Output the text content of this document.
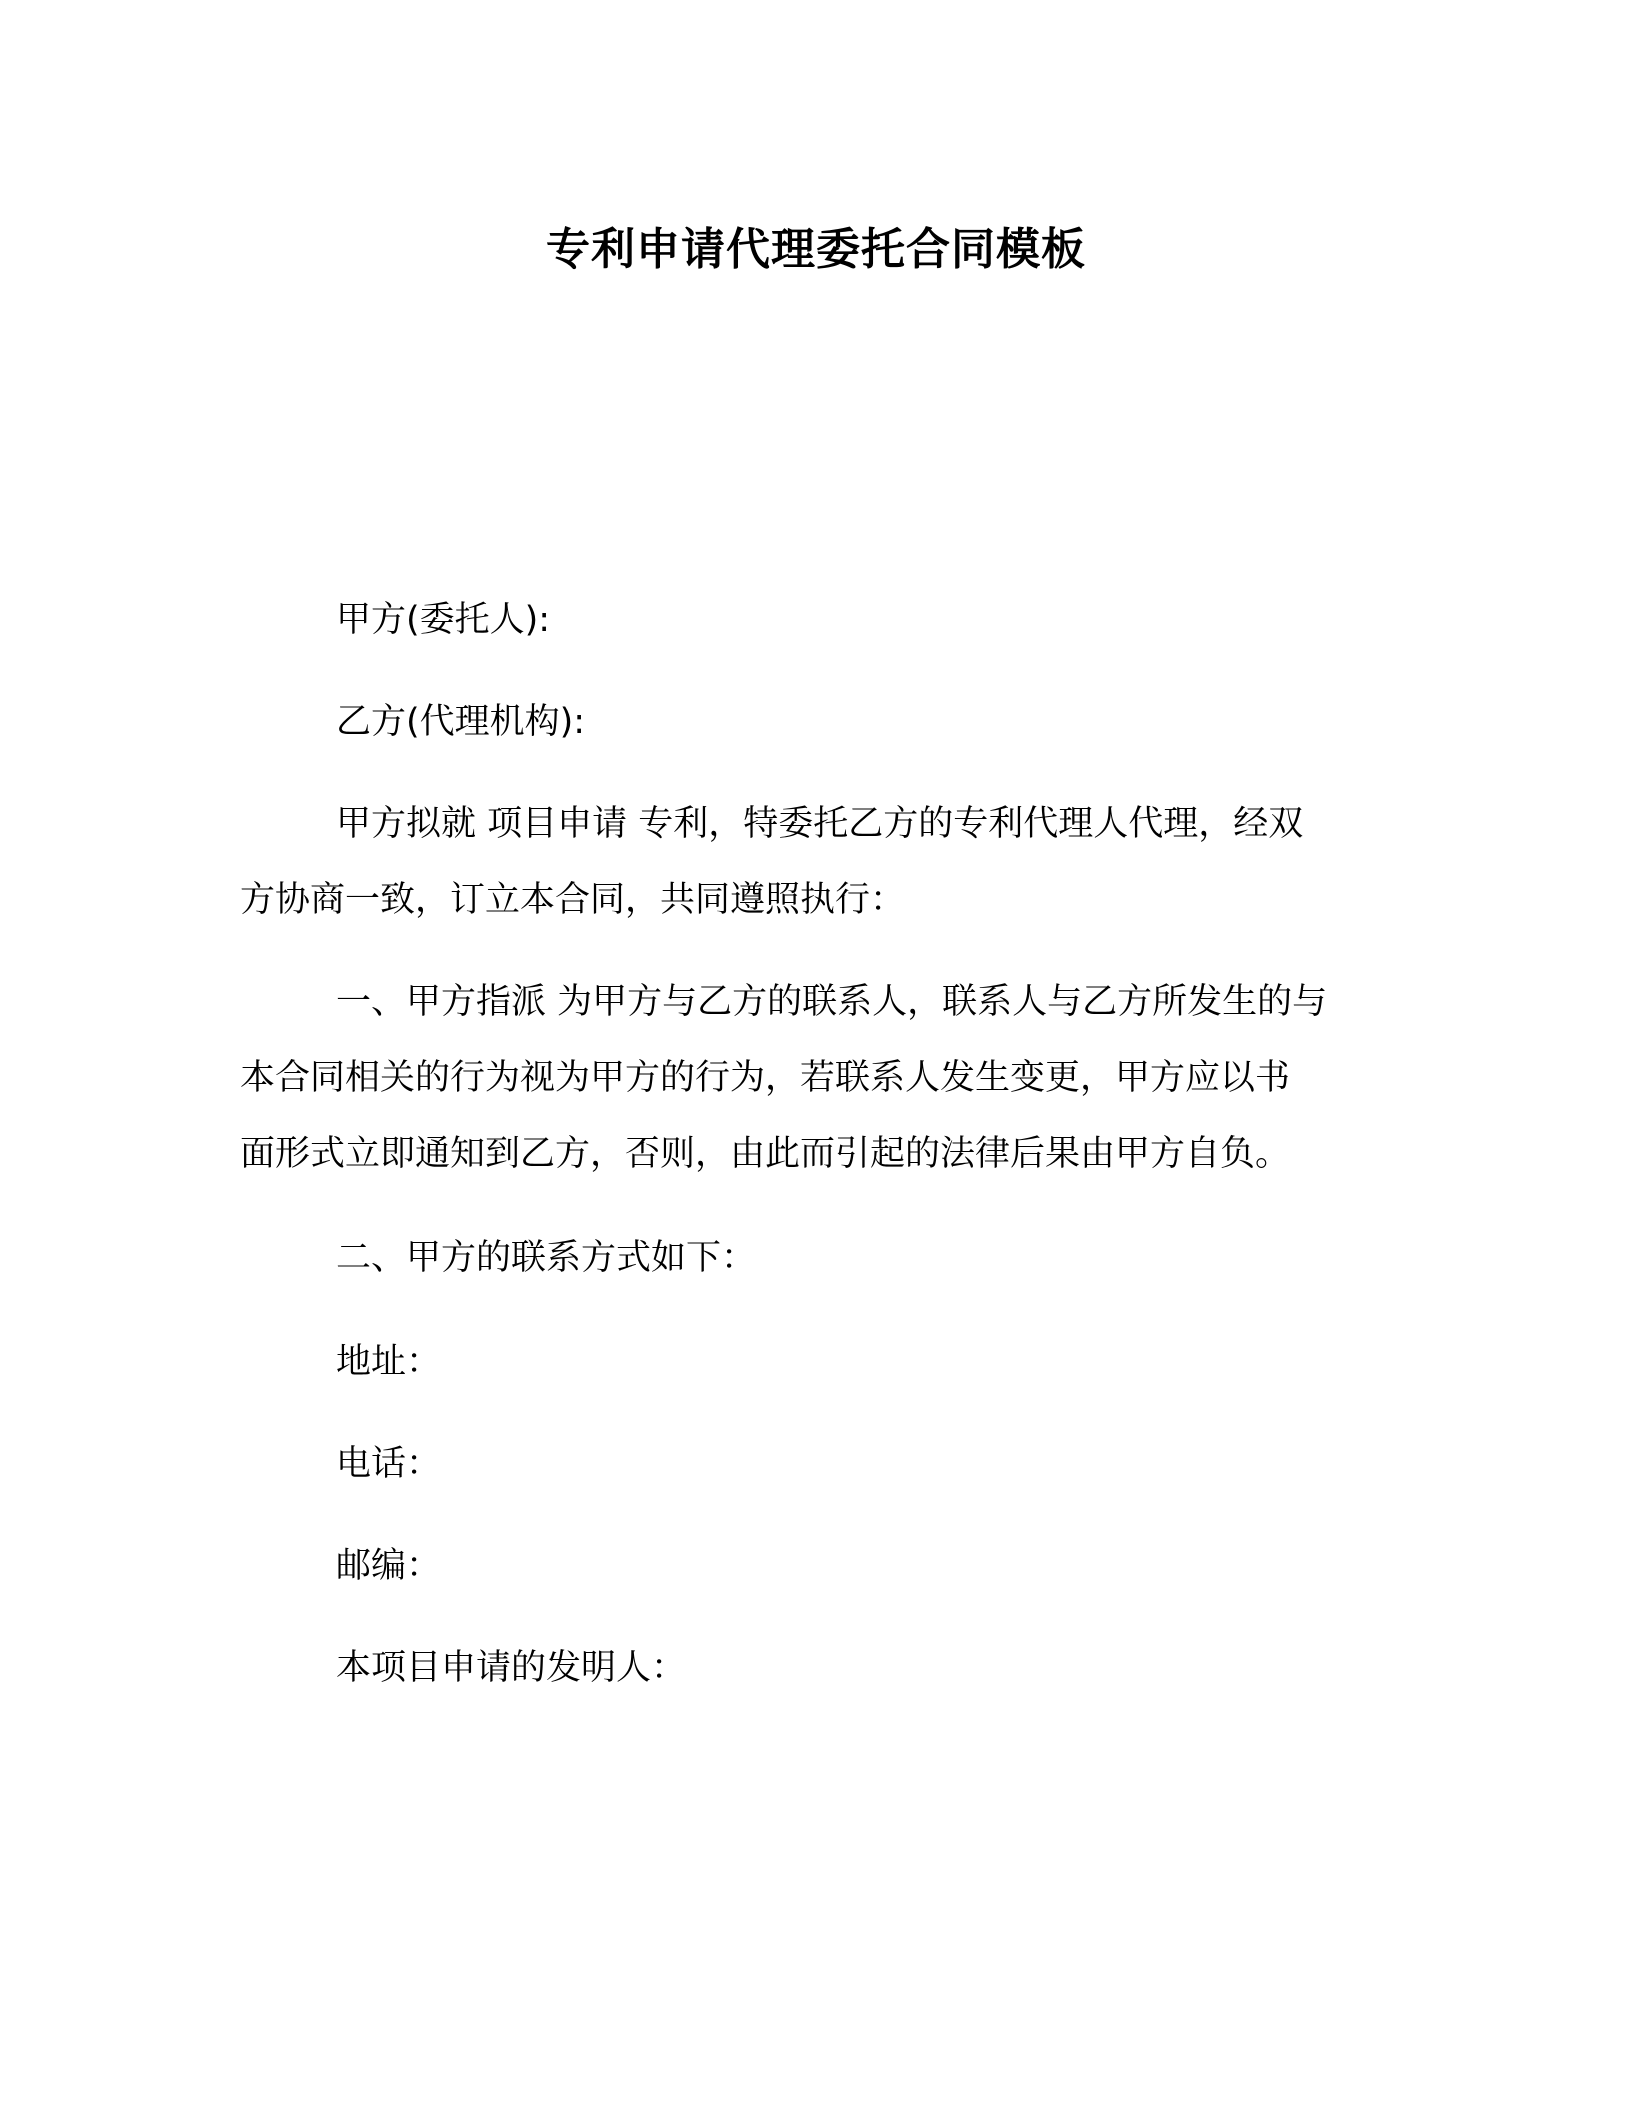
专利申请代理委托合同模板
甲方(委托人):
乙方(代理机构):
甲方拟就 项目申请 专利，特委托乙方的专利代理人代理，经双
方协商一致，订立本合同，共同遵照执行：
一、甲方指派 为甲方与乙方的联系人，联系人与乙方所发生的与
本合同相关的行为视为甲方的行为，若联系人发生变更，甲方应以书
面形式立即通知到乙方，否则，由此而引起的法律后果由甲方自负。
二、甲方的联系方式如下：
地址：
电话：
邮编：
本项目申请的发明人：
